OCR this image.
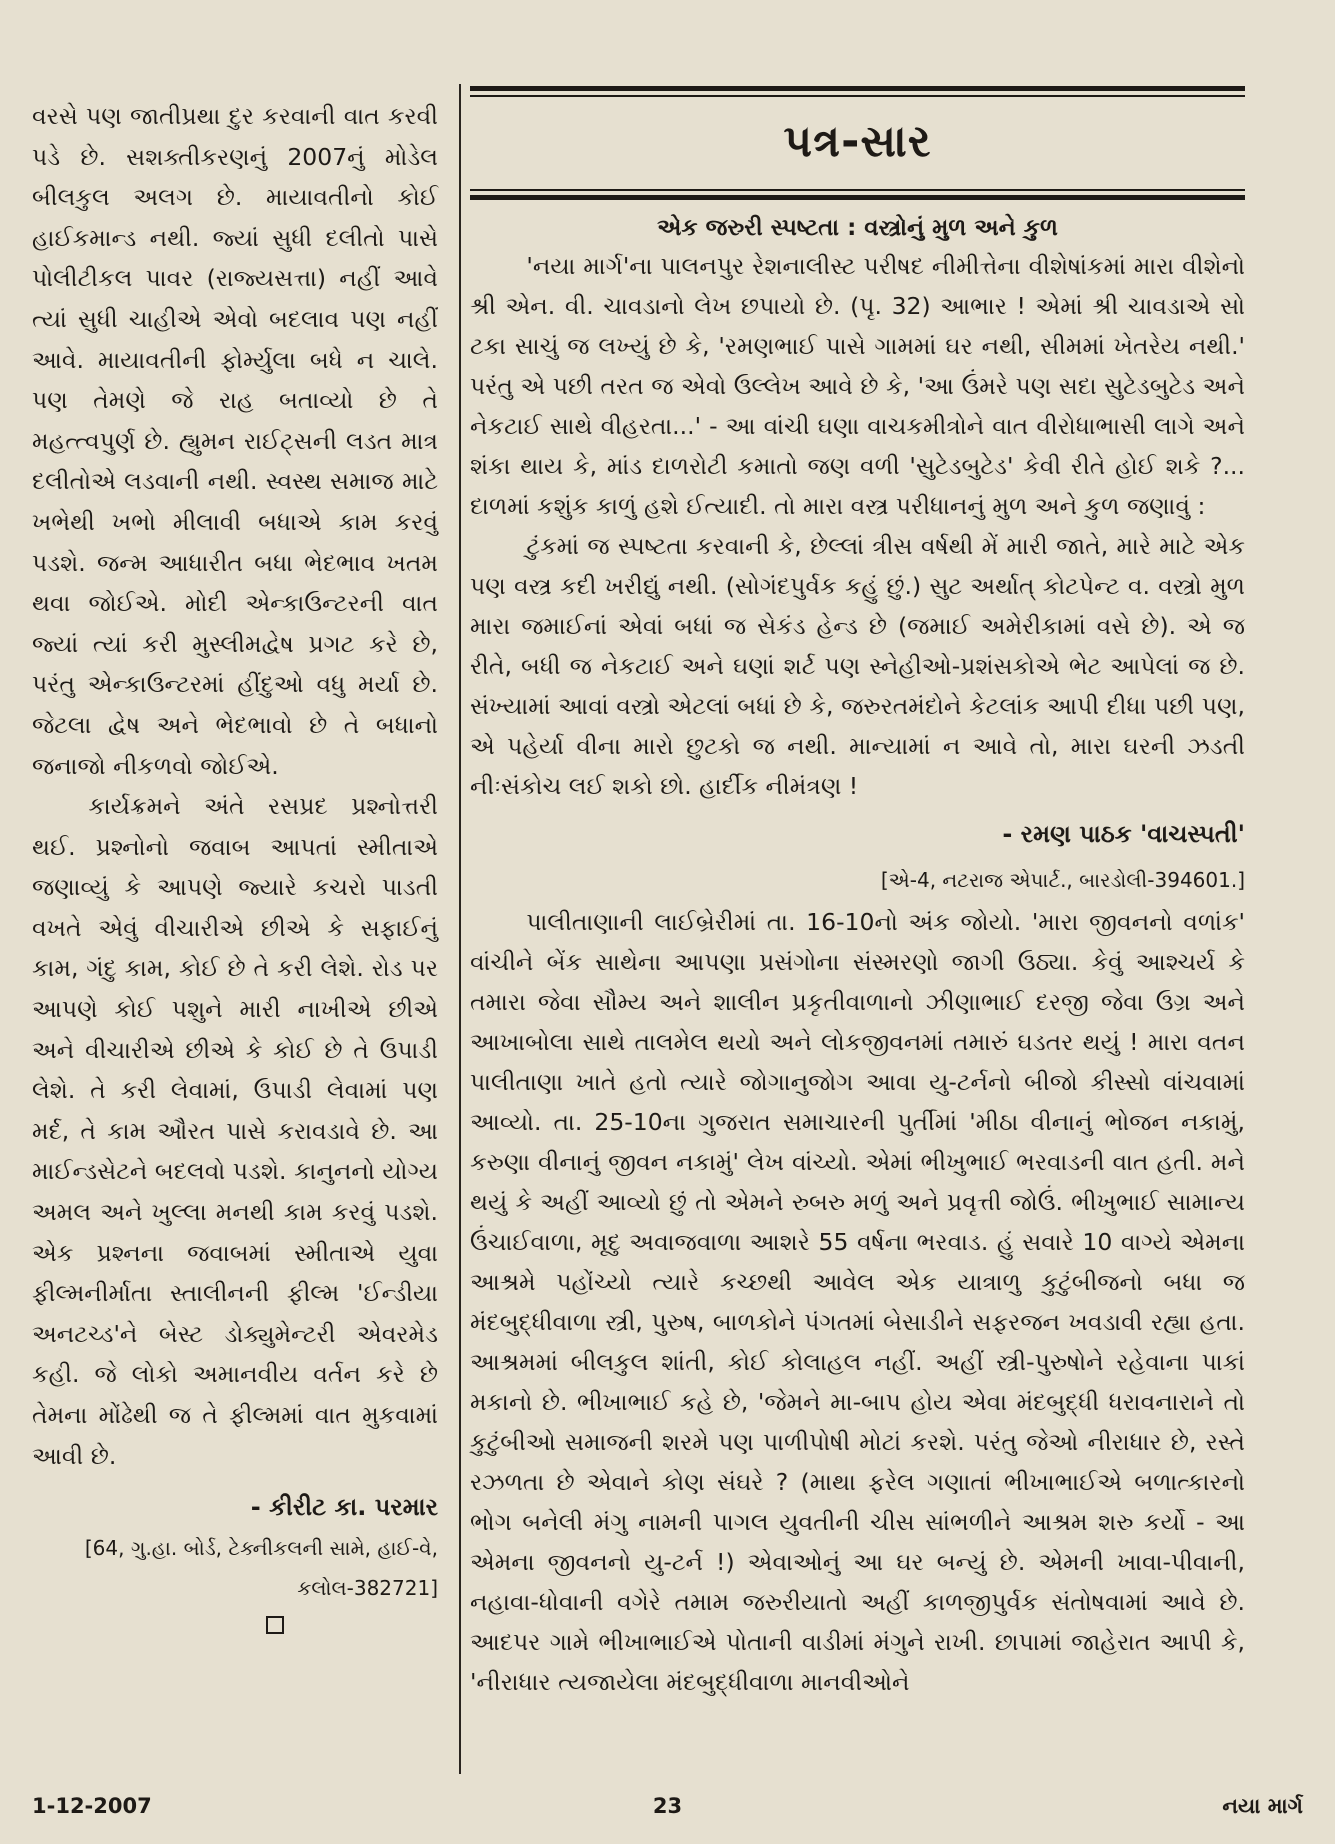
વરસે પણ જાતીપ્રથા દુર કરવાની વાત કરવી પડે છે. સશક્તીકરણનું 2007નું મોડેલ બીલકુલ અલગ છે. માયાવતીનો કોઈ હાઈકમાન્ડ નથી. જ્યાં સુધી દલીતો પાસે પોલીટીકલ પાવર (રાજ્યસત્તા) નહીં આવે ત્યાં સુધી ચાહીએ એવો બદલાવ પણ નહીં આવે. માયાવતીની ફોર્મ્યુલા બધે ન ચાલે. પણ તેમણે જે રાહ બતાવ્યો છે તે મહત્ત્વપુર્ણ છે. હ્યુમન રાઈટ્સની લડત માત્ર દલીતોએ લડવાની નથી. સ્વસ્થ સમાજ માટે ખભેથી ખભો મીલાવી બધાએ કામ કરવું પડશે. જન્મ આધારીત બધા ભેદભાવ ખતમ થવા જોઈએ. મોદી એન્કાઉન્ટરની વાત જ્યાં ત્યાં કરી મુસ્લીમદ્વેષ પ્રગટ કરે છે, પરંતુ એન્કાઉન્ટરમાં હીંદુઓ વધુ મર્યા છે. જેટલા દ્વેષ અને ભેદભાવો છે તે બધાનો જનાજો નીકળવો જોઈએ.

કાર્યક્રમને અંતે રસપ્રદ પ્રશ્નોત્તરી થઈ. પ્રશ્નોનો જવાબ આપતાં સ્મીતાએ જણાવ્યું કે આપણે જ્યારે કચરો પાડતી વખતે એવું વીચારીએ છીએ કે સફાઈનું કામ, ગંદુ કામ, કોઈ છે તે કરી લેશે. રોડ પર આપણે કોઈ પશુને મારી નાખીએ છીએ અને વીચારીએ છીએ કે કોઈ છે તે ઉપાડી લેશે. તે કરી લેવામાં, ઉપાડી લેવામાં પણ મર્દ, તે કામ ઔરત પાસે કરાવડાવે છે. આ માઈન્ડસેટને બદલવો પડશે. કાનુનનો યોગ્ય અમલ અને ખુલ્લા મનથી કામ કરવું પડશે. એક પ્રશ્નના જવાબમાં સ્મીતાએ યુવા ફીલ્મનીર્માતા સ્તાલીનની ફીલ્મ 'ઈન્ડીયા અનટચ્ડ'ને બેસ્ટ ડોક્યુમેન્ટરી એવરમેડ કહી. જે લોકો અમાનવીય વર્તન કરે છે તેમના મોંઢેથી જ તે ફીલ્મમાં વાત મુકવામાં આવી છે.

- કીરીટ કા. પરમાર
[64, ગુ.હા. બોર્ડ, ટેક્નીકલની સામે, હાઈ-વે, કલોલ-382721]
પત્ર-સાર
એક જરુરી સ્પષ્ટતા : વસ્ત્રોનું મુળ અને કુળ

'નયા માર્ગ'ના પાલનપુર રેશનાલીસ્ટ પરીષદ નીમીત્તેના વીશેષાંકમાં મારા વીશેનો શ્રી એન. વી. ચાવડાનો લેખ છપાયો છે. (પૃ. 32) આભાર ! એમાં શ્રી ચાવડાએ સો ટકા સાચું જ લખ્યું છે કે, 'રમણભાઈ પાસે ગામમાં ઘર નથી, સીમમાં ખેતરેય નથી.' પરંતુ એ પછી તરત જ એવો ઉલ્લેખ આવે છે કે, 'આ ઉંમરે પણ સદા સુટેડબુટેડ અને નેકટાઈ સાથે વીહરતા...' - આ વાંચી ઘણા વાચકમીત્રોને વાત વીરોધાભાસી લાગે અને શંકા થાય કે, માંડ દાળરોટી કમાતો જણ વળી 'સુટેડબુટેડ' કેવી રીતે હોઈ શકે ?... દાળમાં કશુંક કાળું હશે ઈત્યાદી. તો મારા વસ્ત્ર પરીધાનનું મુળ અને કુળ જણાવું :

ટુંકમાં જ સ્પષ્ટતા કરવાની કે, છેલ્લાં ત્રીસ વર્ષથી મેં મારી જાતે, મારે માટે એક પણ વસ્ત્ર કદી ખરીદ્યું નથી. (સોગંદપુર્વક કહું છું.) સુટ અર્થાત્ કોટપેન્ટ વ. વસ્ત્રો મુળ મારા જમાઈનાં એવાં બધાં જ સેકંડ હેન્ડ છે (જમાઈ અમેરીકામાં વસે છે). એ જ રીતે, બધી જ નેકટાઈ અને ઘણાં શર્ટ પણ સ્નેહીઓ-પ્રશંસકોએ ભેટ આપેલાં જ છે. સંખ્યામાં આવાં વસ્ત્રો એટલાં બધાં છે કે, જરુરતમંદોને કેટલાંક આપી દીધા પછી પણ, એ પહેર્યા વીના મારો છુટકો જ નથી. માન્યામાં ન આવે તો, મારા ઘરની ઝડતી નીઃસંકોચ લઈ શકો છો. હાર્દીક નીમંત્રણ !

- રમણ પાઠક 'વાચસ્પતી'
[એ-4, નટરાજ એપાર્ટ., બારડોલી-394601.]

પાલીતાણાની લાઈબ્રેરીમાં તા. 16-10નો અંક જોયો. 'મારા જીવનનો વળાંક' વાંચીને બેંક સાથેના આપણા પ્રસંગોના સંસ્મરણો જાગી ઉઠ્યા. કેવું આશ્ચર્ય કે તમારા જેવા સૌમ્ય અને શાલીન પ્રકૃતીવાળાનો ઝીણાભાઈ દરજી જેવા ઉગ્ર અને આખાબોલા સાથે તાલમેલ થયો અને લોકજીવનમાં તમારું ઘડતર થયું ! મારા વતન પાલીતાણા ખાતે હતો ત્યારે જોગાનુજોગ આવા યુ-ટર્નનો બીજો કીસ્સો વાંચવામાં આવ્યો. તા. 25-10ના ગુજરાત સમાચારની પુર્તીમાં 'મીઠા વીનાનું ભોજન નકામું, કરુણા વીનાનું જીવન નકામું' લેખ વાંચ્યો. એમાં ભીખુભાઈ ભરવાડની વાત હતી. મને થયું કે અહીં આવ્યો છું તો એમને રુબરુ મળું અને પ્રવૃત્તી જોઉં. ભીખુભાઈ સામાન્ય ઉંચાઈવાળા, મૃદુ અવાજવાળા આશરે 55 વર્ષના ભરવાડ. હું સવારે 10 વાગ્યે એમના આશ્રમે પહોંચ્યો ત્યારે કચ્છથી આવેલ એક યાત્રાળુ કુટુંબીજનો બધા જ મંદબુદ્ધીવાળા સ્ત્રી, પુરુષ, બાળકોને પંગતમાં બેસાડીને સફરજન ખવડાવી રહ્યા હતા. આશ્રમમાં બીલકુલ શાંતી, કોઈ કોલાહલ નહીં. અહીં સ્ત્રી-પુરુષોને રહેવાના પાકાં મકાનો છે. ભીખાભાઈ કહે છે, 'જેમને મા-બાપ હોય એવા મંદબુદ્ધી ધરાવનારાને તો કુટુંબીઓ સમાજની શરમે પણ પાળીપોષી મોટાં કરશે. પરંતુ જેઓ નીરાધાર છે, રસ્તે રઝળતા છે એવાને કોણ સંઘરે ? (માથા ફરેલ ગણાતાં ભીખાભાઈએ બળાત્કારનો ભોગ બનેલી મંગુ નામની પાગલ યુવતીની ચીસ સાંભળીને આશ્રમ શરુ કર્યો - આ એમના જીવનનો યુ-ટર્ન !) એવાઓનું આ ઘર બન્યું છે. એમની ખાવા-પીવાની, નહાવા-ધોવાની વગેરે તમામ જરુરીયાતો અહીં કાળજીપુર્વક સંતોષવામાં આવે છે. આદપર ગામે ભીખાભાઈએ પોતાની વાડીમાં મંગુને રાખી. છાપામાં જાહેરાત આપી કે, 'નીરાધાર ત્યજાયેલા મંદબુદ્ધીવાળા માનવીઓને

1-12-2007	23	નયા માર્ગ
